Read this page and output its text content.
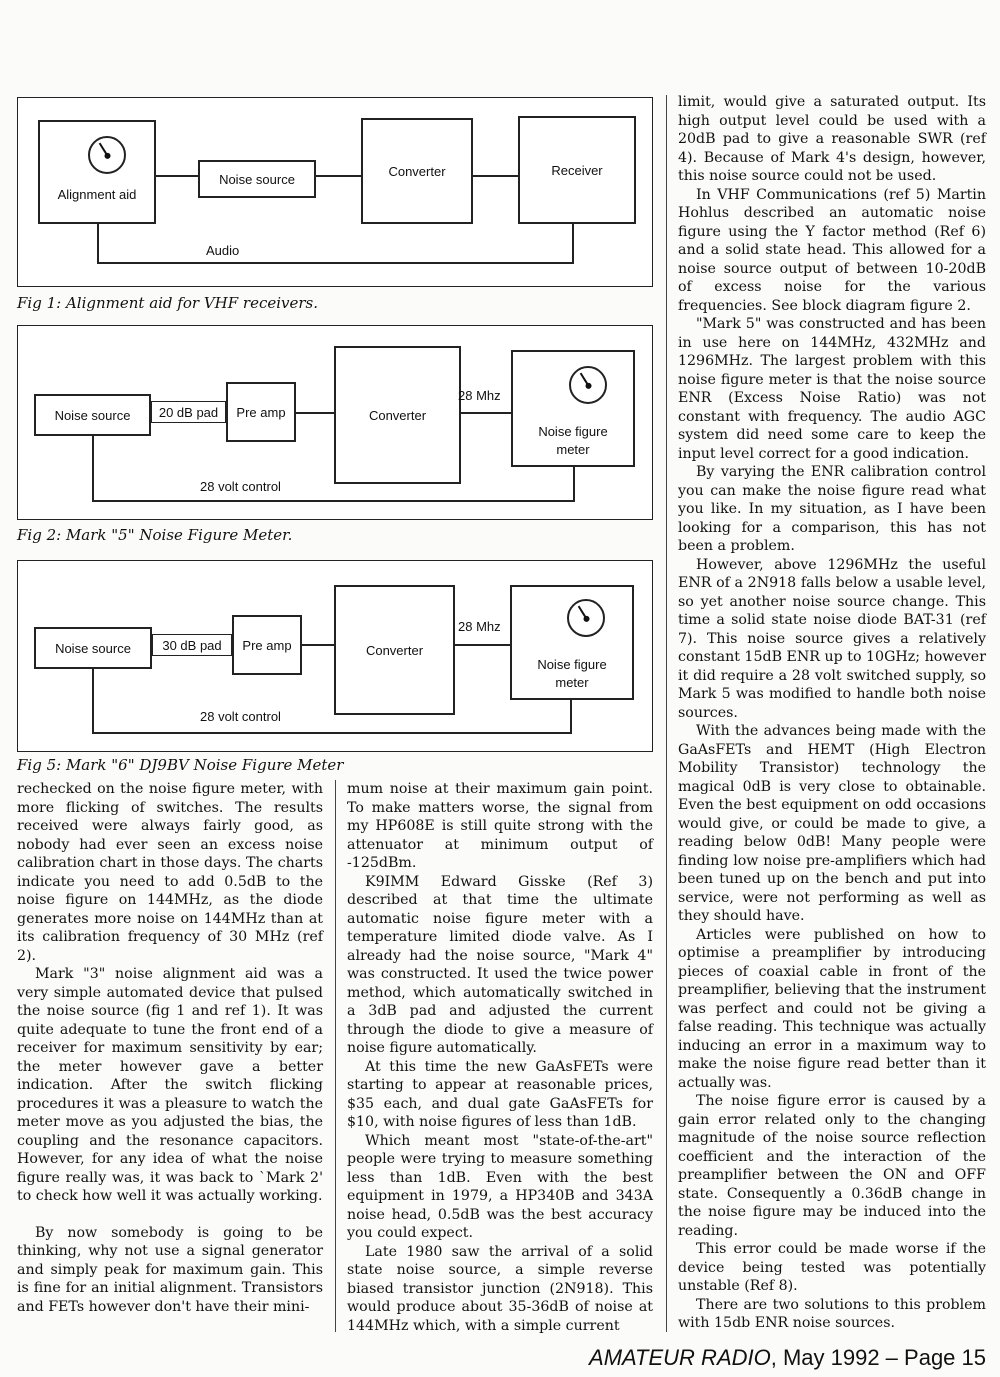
Alignment aid
Noise source
Converter	Receiver
Audio
Fig 1: Alignment aid for VHF receivers.
Noise source 20 dB pad Pre amp	Converter
28 Mhz
Noise figure
meter
28 volt control
Fig 2: Mark "5" Noise Figure Meter.
Noise source 30 dB pad Pre amp	Converter
28 Mhz
Noise figure
meter
28 volt control
Fig 5: Mark "6" DJ9BV Noise Figure Meter

rechecked on the noise figure meter, with more flicking of switches. The results received were always fairly good, as nobody had ever seen an excess noise calibration chart in those days. The charts indicate you need to add 0.5dB to the noise figure on 144MHz, as the diode generates more noise on 144MHz than at its calibration frequency of 30 MHz (ref 2).

Mark "3" noise alignment aid was a very simple automated device that pulsed the noise source (fig 1 and ref 1). It was quite adequate to tune the front end of a receiver for maximum sensitivity by ear; the meter however gave a better indication. After the switch flicking procedures it was a pleasure to watch the meter move as you adjusted the bias, the coupling and the resonance capacitors. However, for any idea of what the noise figure really was, it was back to `Mark 2' to check how well it was actually working.

By now somebody is going to be thinking, why not use a signal generator and simply peak for maximum gain. This is fine for an initial alignment. Transistors and FETs however don't have their mini-

mum noise at their maximum gain point. To make matters worse, the signal from my HP608E is still quite strong with the attenuator at minimum output of -125dBm.

K9IMM Edward Gisske (Ref 3) described at that time the ultimate automatic noise figure meter with a temperature limited diode valve. As I already had the noise source, "Mark 4" was constructed. It used the twice power method, which automatically switched in a 3dB pad and adjusted the current through the diode to give a measure of noise figure automatically.

At this time the new GaAsFETs were starting to appear at reasonable prices, $35 each, and dual gate GaAsFETs for $10, with noise figures of less than 1dB.

Which meant most "state-of-the-art" people were trying to measure something less than 1dB. Even with the best equipment in 1979, a HP340B and 343A noise head, 0.5dB was the best accuracy you could expect.

Late 1980 saw the arrival of a solid state noise source, a simple reverse biased transistor junction (2N918). This would produce about 35-36dB of noise at 144MHz which, with a simple current

limit, would give a saturated output. Its high output level could be used with a 20dB pad to give a reasonable SWR (ref 4). Because of Mark 4's design, however, this noise source could not be used.

In VHF Communications (ref 5) Martin Hohlus described an automatic noise figure using the Y factor method (Ref 6) and a solid state head. This allowed for a noise source output of between 10-20dB of excess noise for the various frequencies. See block diagram figure 2.

"Mark 5" was constructed and has been in use here on 144MHz, 432MHz and 1296MHz. The largest problem with this noise figure meter is that the noise source ENR (Excess Noise Ratio) was not constant with frequency. The audio AGC system did need some care to keep the input level correct for a good indication.

By varying the ENR calibration control you can make the noise figure read what you like. In my situation, as I have been looking for a comparison, this has not been a problem.

However, above 1296MHz the useful ENR of a 2N918 falls below a usable level, so yet another noise source change. This time a solid state noise diode BAT-31 (ref 7). This noise source gives a relatively constant 15dB ENR up to 10GHz; however it did require a 28 volt switched supply, so Mark 5 was modified to handle both noise sources.

With the advances being made with the GaAsFETs and HEMT (High Electron Mobility Transistor) technology the magical 0dB is very close to obtainable. Even the best equipment on odd occasions would give, or could be made to give, a reading below 0dB! Many people were finding low noise pre-amplifiers which had been tuned up on the bench and put into service, were not performing as well as they should have.

Articles were published on how to optimise a preamplifier by introducing pieces of coaxial cable in front of the preamplifier, believing that the instrument was perfect and could not be giving a false reading. This technique was actually inducing an error in a maximum way to make the noise figure read better than it actually was.

The noise figure error is caused by a gain error related only to the changing magnitude of the noise source reflection coefficient and the interaction of the preamplifier between the ON and OFF state. Consequently a 0.36dB change in the noise figure may be induced into the reading.

This error could be made worse if the device being tested was potentially unstable (Ref 8).

There are two solutions to this problem with 15db ENR noise sources.

AMATEUR RADIO, May 1992 – Page 15
